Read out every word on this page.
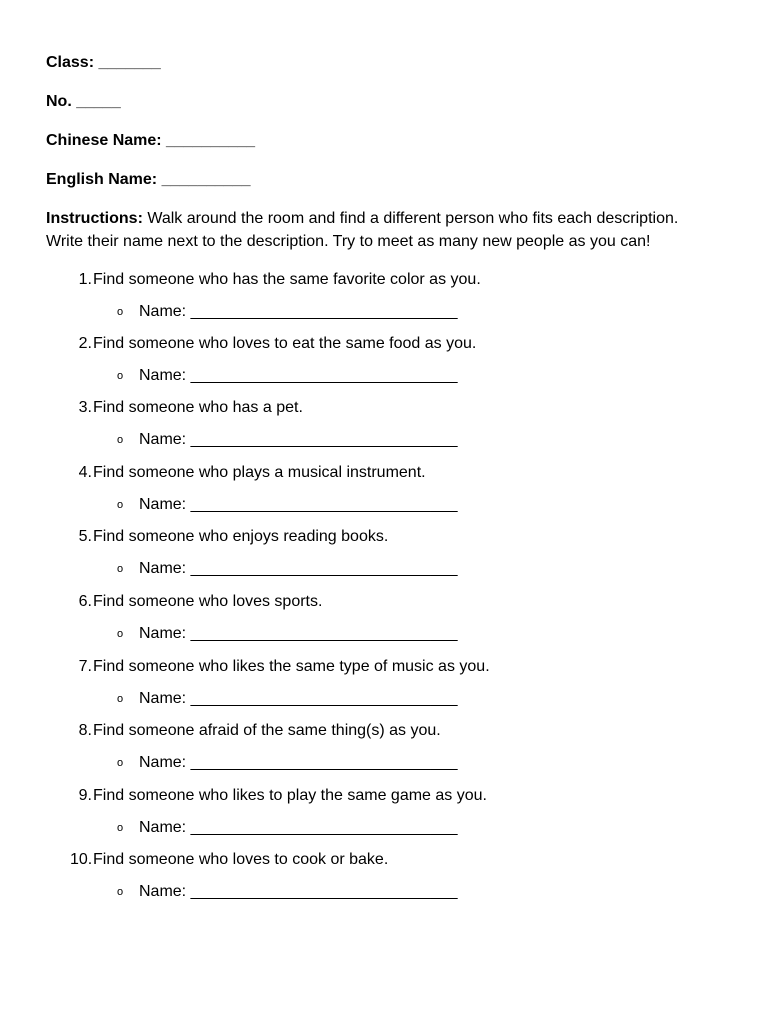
Class: _______
No. _____
Chinese Name: __________
English Name: __________
Instructions: Walk around the room and find a different person who fits each description.
Write their name next to the description. Try to meet as many new people as you can!
1. Find someone who has the same favorite color as you.
o Name: ______________________________
2. Find someone who loves to eat the same food as you.
o Name: ______________________________
3. Find someone who has a pet.
o Name: ______________________________
4. Find someone who plays a musical instrument.
o Name: ______________________________
5. Find someone who enjoys reading books.
o Name: ______________________________
6. Find someone who loves sports.
o Name: ______________________________
7. Find someone who likes the same type of music as you.
o Name: ______________________________
8. Find someone afraid of the same thing(s) as you.
o Name: ______________________________
9. Find someone who likes to play the same game as you.
o Name: ______________________________
10. Find someone who loves to cook or bake.
o Name: ______________________________
